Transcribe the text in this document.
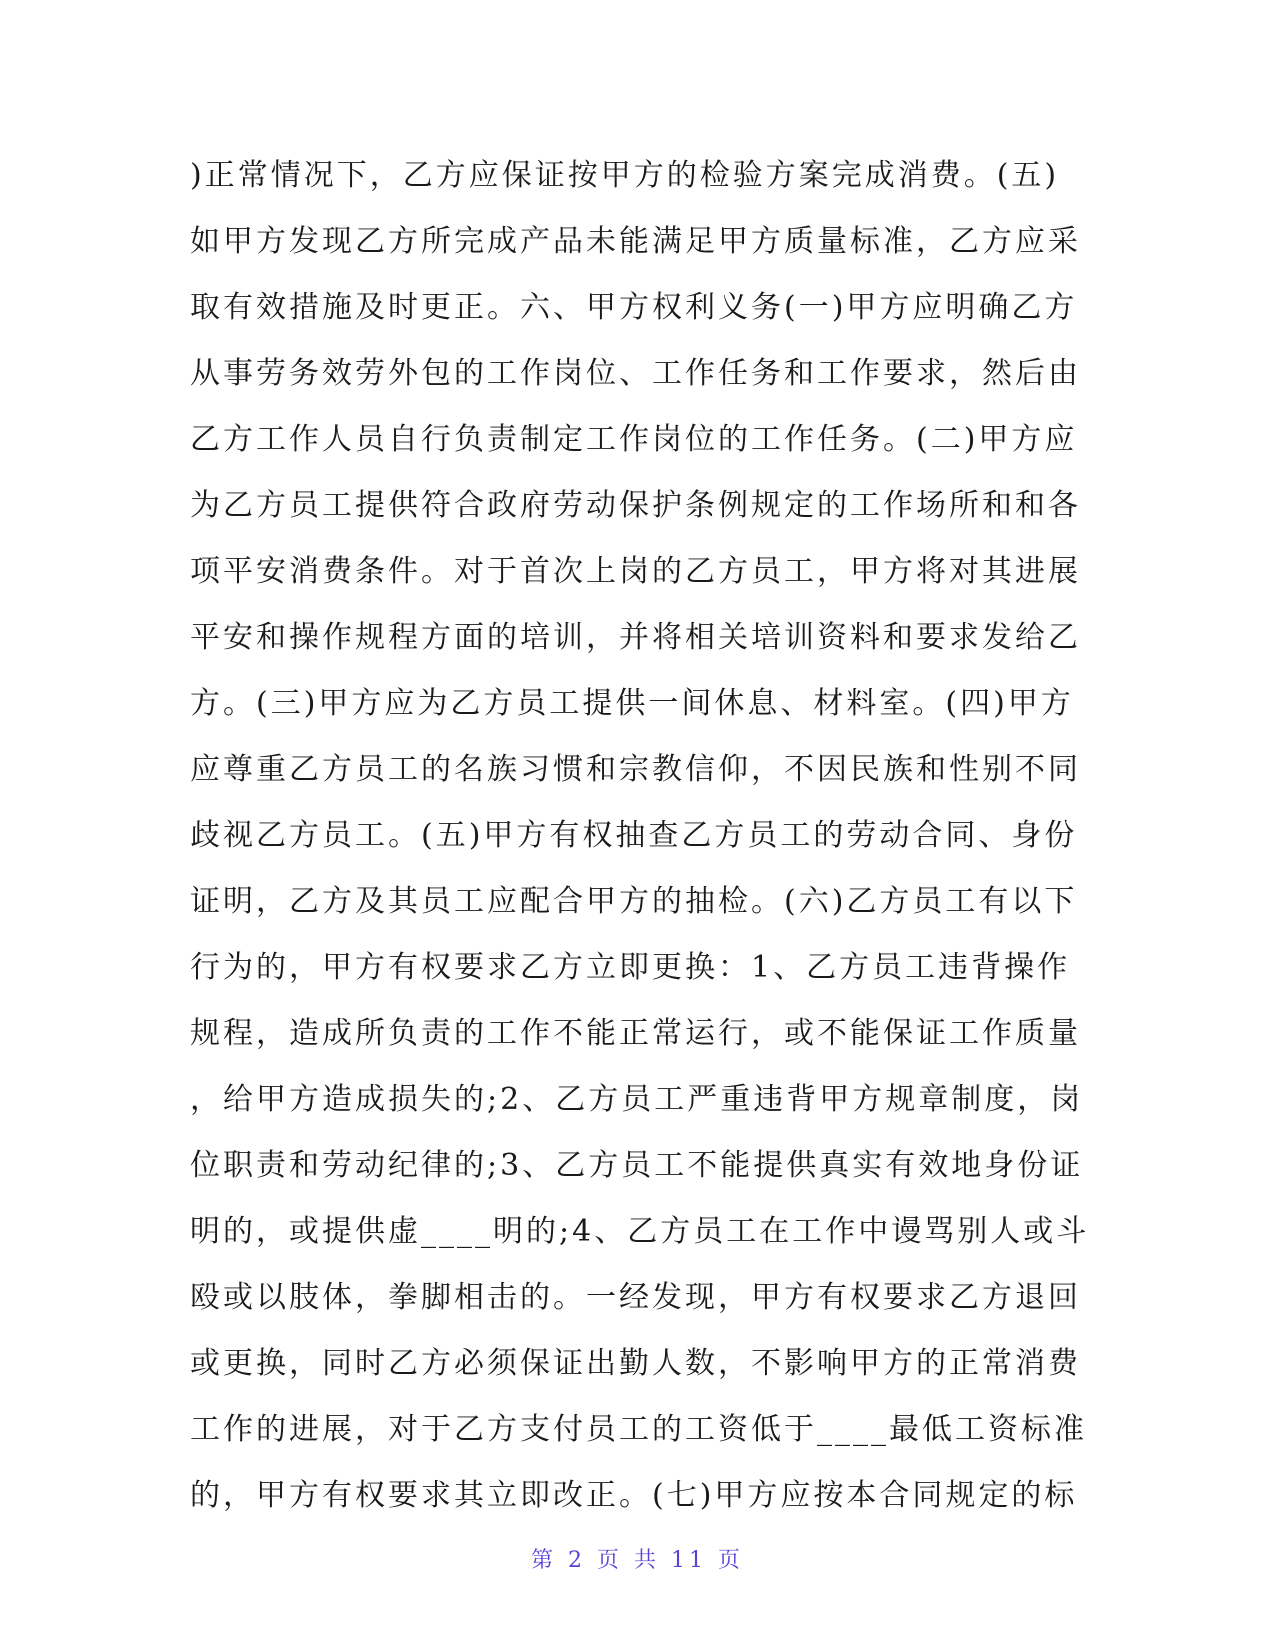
)正常情况下，乙方应保证按甲方的检验方案完成消费。(五)
如甲方发现乙方所完成产品未能满足甲方质量标准，乙方应采
取有效措施及时更正。六、甲方权利义务(一)甲方应明确乙方
从事劳务效劳外包的工作岗位、工作任务和工作要求，然后由
乙方工作人员自行负责制定工作岗位的工作任务。(二)甲方应
为乙方员工提供符合政府劳动保护条例规定的工作场所和和各
项平安消费条件。对于首次上岗的乙方员工，甲方将对其进展
平安和操作规程方面的培训，并将相关培训资料和要求发给乙
方。(三)甲方应为乙方员工提供一间休息、材料室。(四)甲方
应尊重乙方员工的名族习惯和宗教信仰，不因民族和性别不同
歧视乙方员工。(五)甲方有权抽查乙方员工的劳动合同、身份
证明，乙方及其员工应配合甲方的抽检。(六)乙方员工有以下
行为的，甲方有权要求乙方立即更换：1、乙方员工违背操作
规程，造成所负责的工作不能正常运行，或不能保证工作质量
，给甲方造成损失的;2、乙方员工严重违背甲方规章制度，岗
位职责和劳动纪律的;3、乙方员工不能提供真实有效地身份证
明的，或提供虚____明的;4、乙方员工在工作中谩骂别人或斗
殴或以肢体，拳脚相击的。一经发现，甲方有权要求乙方退回
或更换，同时乙方必须保证出勤人数，不影响甲方的正常消费
工作的进展，对于乙方支付员工的工资低于____最低工资标准
的，甲方有权要求其立即改正。(七)甲方应按本合同规定的标
第 2 页 共 11 页
